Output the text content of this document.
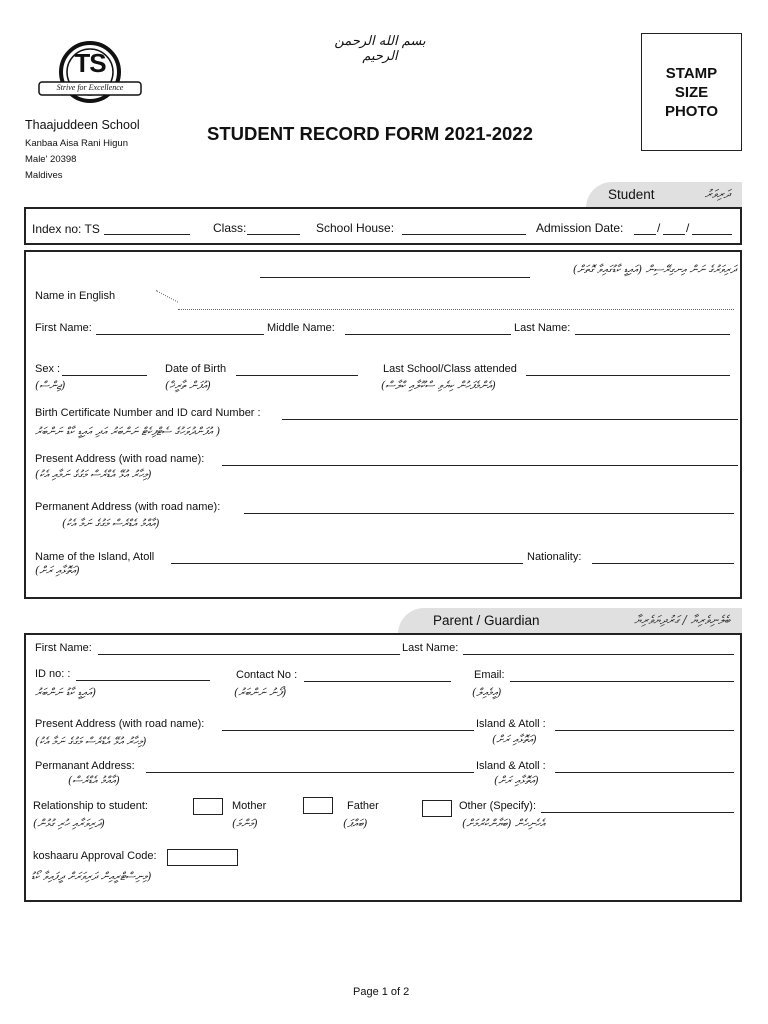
TS
Strive for Excellence
بسم الله الرحمن الرحيم
Thaajuddeen School
Kanbaa Aisa Rani Higun
Male' 20398
Maldives
STUDENT RECORD FORM 2021-2022
STAMP
SIZE
PHOTO
Student	ދަރިވަރު
Index no: TS	Class:	School House:	Admission Date:	/ /
ދަރިވަރުގެ ނަން އިނގިރޭސިން (އައިޑީ ކާޑުގައިވާ ގޮތަށް)
Name in English
First Name:	Middle Name:	Last Name:
Sex :
(ޖިންސް)
Date of Birth
(އުފަން ތާރީޚް)
Last School/Class attended
(އެންމެފަހުން ކިޔެވި ސްކޫލާއި ކްލާސް)
Birth Certificate Number and ID card Number :
( އުފަންދުވަހުގެ ސެޓްފިކެޓް ނަންބަރު އަދި އައިޑީ ކާޑް ނަންބަރު
Present Address (with road name):
(މިހާރު އުޅޭ އެޑްރެސް މަގުގެ ނަމާއި އެކު)
Permanent Address (with road name):
(އާއްމު އެޑްރެސް މަގުގެ ނަމާ އެކު)
Name of the Island, Atoll
(އަތޮޅާއި ރަށް)
Nationality:
Parent / Guardian	ބެލެނިވެރިޔާ / ގަރުދިޔަވެރިޔާ
First Name:	Last Name:
ID no: :
(އައިޑީ ކާޑު ނަންބަރު
Contact No :
(ފޯނު ނަންބަރު)
Email:
(އީމެއިލް)
Present Address (with road name):
(މިހާރު އުޅޭ އެޑްރެސް މަގުގެ ނަމާ އެކު)
Island & Atoll :
(އަތޮޅާއި ރަށް)
Permanant Address:
(އާއްމު އެޑްރެސް)
Island & Atoll :
(އަތޮޅާއި ރަށް)
Relationship to student:
(ދަރިވަރާއި ހުރި ގުޅުން)
Mother
(މަންމަ)
Father
(ބައްޕަ)
Other (Specify):
އެހެނިހެން (ބަޔާންކުރުމަށް)
koshaaru Approval Code:
(މިނިސްޓްރީއިން ދަރިވަރަށް ދީފައިވާ ކޯޑު
Page 1 of 2
